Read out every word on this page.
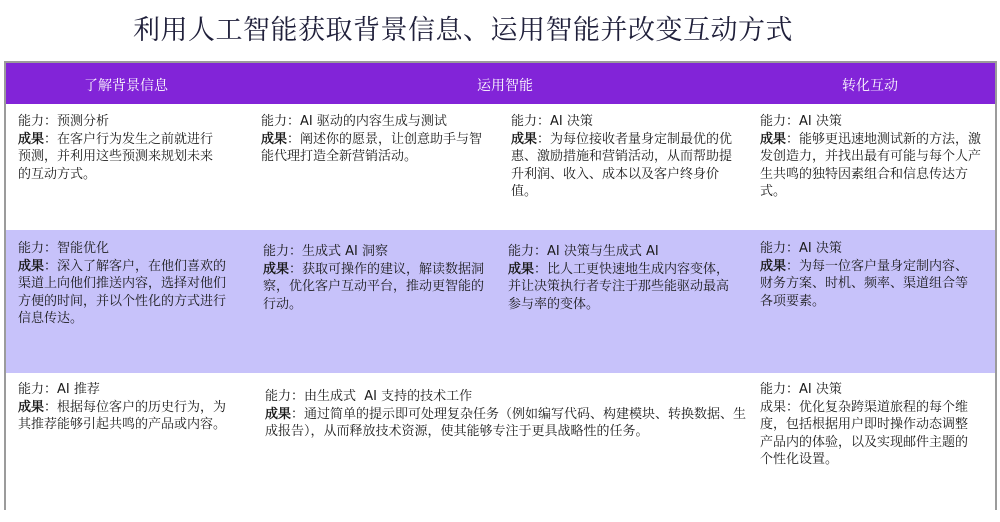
利用人工智能获取背景信息、运用智能并改变互动方式
了解背景信息	运用智能	转化互动
能力：预测分析
成果：在客户行为发生之前就进行预测，并利用这些预测来规划未来的互动方式。
能力：AI 驱动的内容生成与测试
成果：阐述你的愿景，让创意助手与智能代理打造全新营销活动。
能力：AI 决策
成果：为每位接收者量身定制最优的优惠、激励措施和营销活动，从而帮助提升利润、收入、成本以及客户终身价值。
能力：AI 决策
成果：能够更迅速地测试新的方法，激发创造力，并找出最有可能与每个人产生共鸣的独特因素组合和信息传达方式。
能力：智能优化
成果：深入了解客户，在他们喜欢的渠道上向他们推送内容，选择对他们方便的时间，并以个性化的方式进行信息传达。
能力：生成式 AI 洞察
成果：获取可操作的建议，解读数据洞察，优化客户互动平台，推动更智能的行动。
能力：AI 决策与生成式 AI
成果：比人工更快速地生成内容变体，并让决策执行者专注于那些能驱动最高参与率的变体。
能力：AI 决策
成果：为每一位客户量身定制内容、财务方案、时机、频率、渠道组合等各项要素。
能力：AI 推荐
成果：根据每位客户的历史行为，为其推荐能够引起共鸣的产品或内容。
能力：由生成式  AI 支持的技术工作
成果：通过简单的提示即可处理复杂任务（例如编写代码、构建模块、转换数据、生成报告），从而释放技术资源，使其能够专注于更具战略性的任务。
能力：AI 决策
成果：优化复杂跨渠道旅程的每个维度，包括根据用户即时操作动态调整产品内的体验，以及实现邮件主题的个性化设置。
